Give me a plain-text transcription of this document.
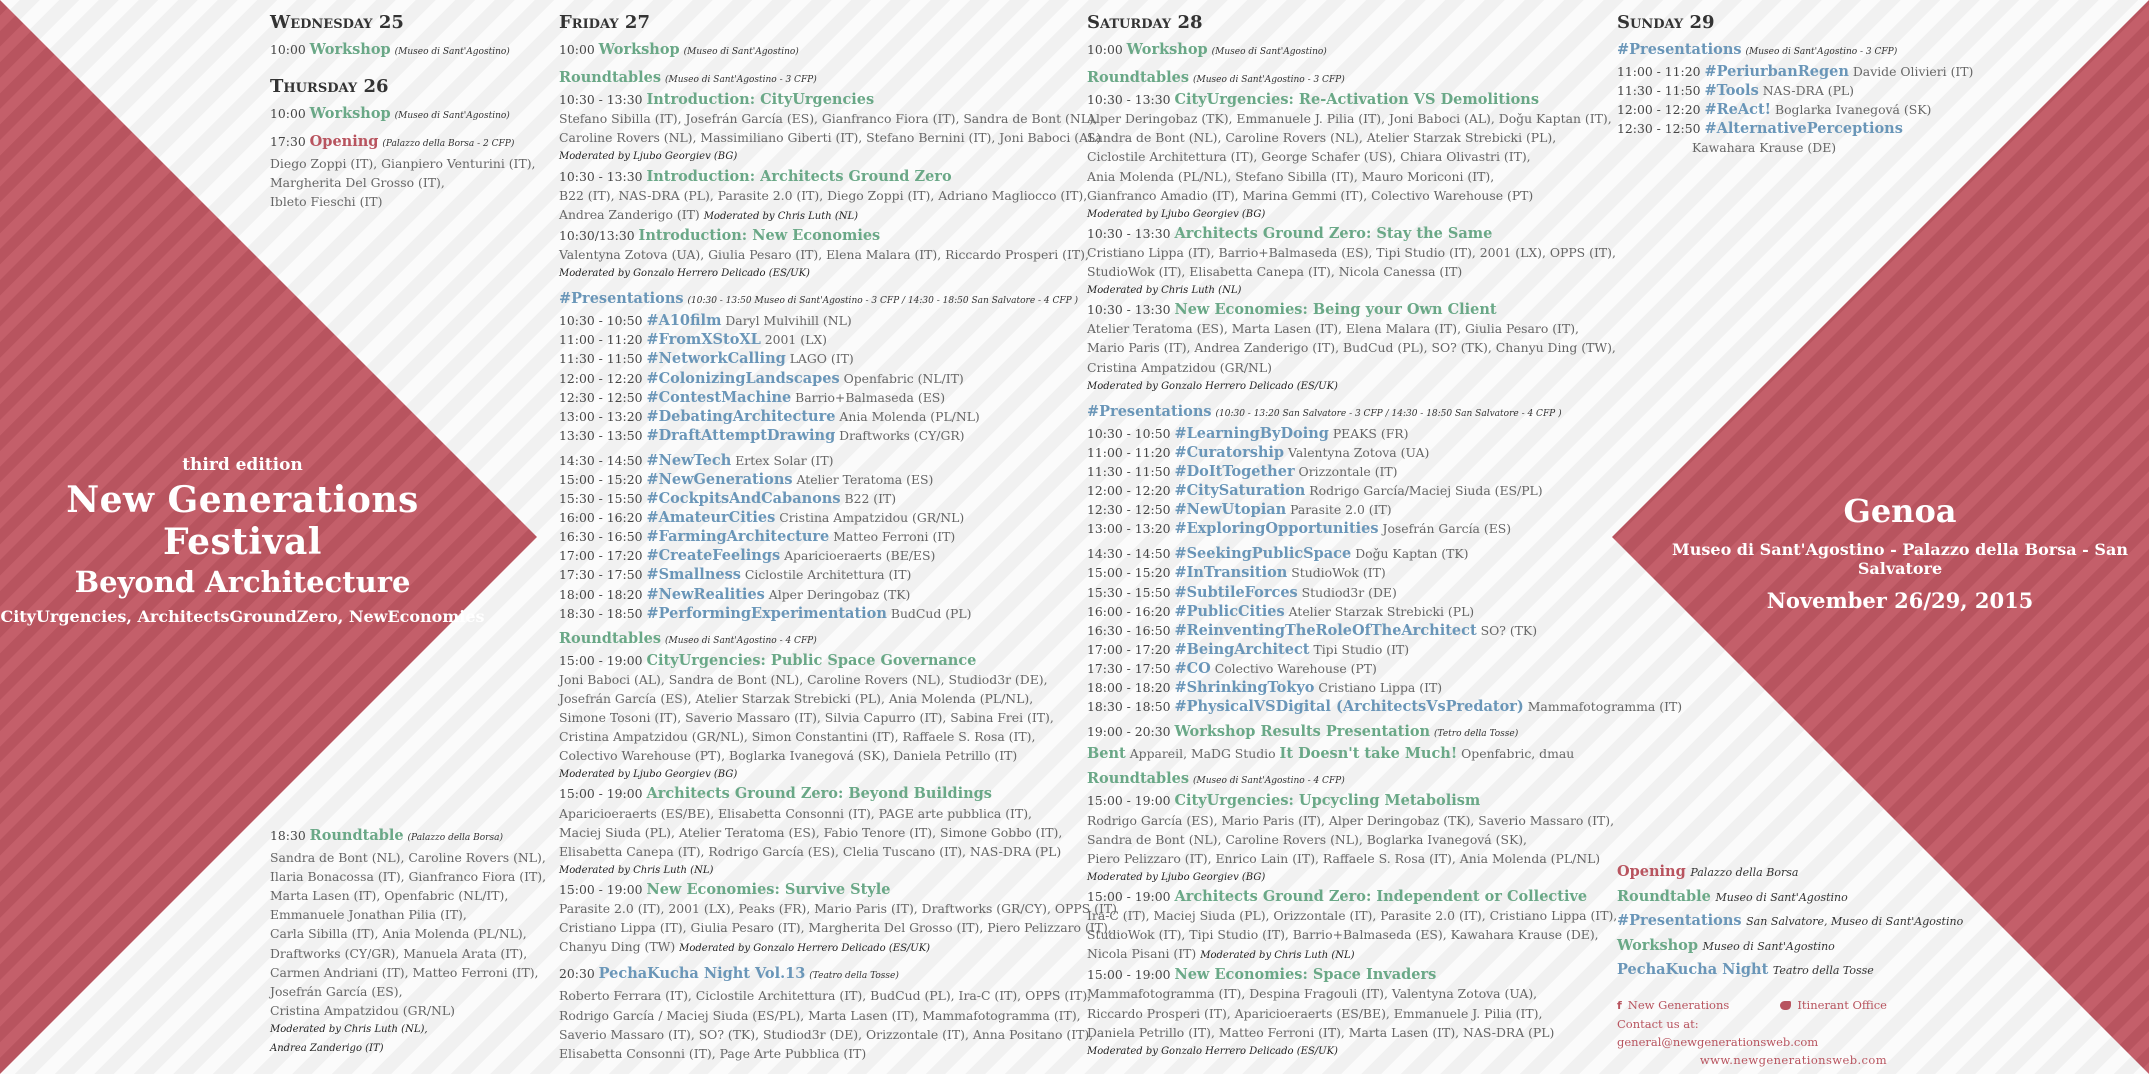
third edition
New Generations Festival
Beyond Architecture
CityUrgencies, ArchitectsGroundZero, NewEconomies
Genoa
Museo di Sant'Agostino - Palazzo della Borsa - San Salvatore
November 26/29, 2015
Wednesday 25
10:00 Workshop (Museo di Sant'Agostino)
Thursday 26
10:00 Workshop (Museo di Sant'Agostino)
17:30 Opening (Palazzo della Borsa - 2 CFP)
Diego Zoppi (IT), Gianpiero Venturini (IT),
Margherita Del Grosso (IT),
Ibleto Fieschi (IT)
18:30 Roundtable (Palazzo della Borsa)
Sandra de Bont (NL), Caroline Rovers (NL),
Ilaria Bonacossa (IT), Gianfranco Fiora (IT),
Marta Lasen (IT), Openfabric (NL/IT),
Emmanuele Jonathan Pilia (IT),
Carla Sibilla (IT), Ania Molenda (PL/NL),
Draftworks (CY/GR), Manuela Arata (IT),
Carmen Andriani (IT), Matteo Ferroni (IT),
Josefrán García (ES),
Cristina Ampatzidou (GR/NL)
Moderated by Chris Luth (NL),
Andrea Zanderigo (IT)
Friday 27
10:00 Workshop (Museo di Sant'Agostino)
Roundtables (Museo di Sant'Agostino - 3 CFP)
10:30 - 13:30 Introduction: CityUrgencies
Stefano Sibilla (IT), Josefrán García (ES), Gianfranco Fiora (IT), Sandra de Bont (NL),
Caroline Rovers (NL), Massimiliano Giberti (IT), Stefano Bernini (IT), Joni Baboci (AL)
Moderated by Ljubo Georgiev (BG)
10:30 - 13:30 Introduction: Architects Ground Zero
B22 (IT), NAS-DRA (PL), Parasite 2.0 (IT), Diego Zoppi (IT), Adriano Magliocco (IT),
Andrea Zanderigo (IT) Moderated by Chris Luth (NL)
10:30/13:30 Introduction: New Economies
Valentyna Zotova (UA), Giulia Pesaro (IT), Elena Malara (IT), Riccardo Prosperi (IT),
Moderated by Gonzalo Herrero Delicado (ES/UK)
#Presentations (10:30 - 13:50 Museo di Sant'Agostino - 3 CFP / 14:30 - 18:50 San Salvatore - 4 CFP )
10:30 - 10:50 #A10film Daryl Mulvihill (NL)
11:00 - 11:20 #FromXStoXL 2001 (LX)
11:30 - 11:50 #NetworkCalling LAGO (IT)
12:00 - 12:20 #ColonizingLandscapes Openfabric (NL/IT)
12:30 - 12:50 #ContestMachine Barrio+Balmaseda (ES)
13:00 - 13:20 #DebatingArchitecture Ania Molenda (PL/NL)
13:30 - 13:50 #DraftAttemptDrawing Draftworks (CY/GR)
14:30 - 14:50 #NewTech Ertex Solar (IT)
15:00 - 15:20 #NewGenerations Atelier Teratoma (ES)
15:30 - 15:50 #CockpitsAndCabanons B22 (IT)
16:00 - 16:20 #AmateurCities Cristina Ampatzidou (GR/NL)
16:30 - 16:50 #FarmingArchitecture Matteo Ferroni (IT)
17:00 - 17:20 #CreateFeelings Aparicioeraerts (BE/ES)
17:30 - 17:50 #Smallness Ciclostile Architettura (IT)
18:00 - 18:20 #NewRealities Alper Deringobaz (TK)
18:30 - 18:50 #PerformingExperimentation BudCud (PL)
Roundtables (Museo di Sant'Agostino - 4 CFP)
15:00 - 19:00 CityUrgencies: Public Space Governance
Joni Baboci (AL), Sandra de Bont (NL), Caroline Rovers (NL), Studiod3r (DE),
Josefrán García (ES), Atelier Starzak Strebicki (PL), Ania Molenda (PL/NL),
Simone Tosoni (IT), Saverio Massaro (IT), Silvia Capurro (IT), Sabina Frei (IT),
Cristina Ampatzidou (GR/NL), Simon Constantini (IT), Raffaele S. Rosa (IT),
Colectivo Warehouse (PT), Boglarka Ivanegová (SK), Daniela Petrillo (IT)
Moderated by Ljubo Georgiev (BG)
15:00 - 19:00 Architects Ground Zero: Beyond Buildings
Aparicioeraerts (ES/BE), Elisabetta Consonni (IT), PAGE arte pubblica (IT),
Maciej Siuda (PL), Atelier Teratoma (ES), Fabio Tenore (IT), Simone Gobbo (IT),
Elisabetta Canepa (IT), Rodrigo García (ES), Clelia Tuscano (IT), NAS-DRA (PL)
Moderated by Chris Luth (NL)
15:00 - 19:00 New Economies: Survive Style
Parasite 2.0 (IT), 2001 (LX), Peaks (FR), Mario Paris (IT), Draftworks (GR/CY), OPPS (IT)
Cristiano Lippa (IT), Giulia Pesaro (IT), Margherita Del Grosso (IT), Piero Pelizzaro (IT),
Chanyu Ding (TW) Moderated by Gonzalo Herrero Delicado (ES/UK)
20:30 PechaKucha Night Vol.13 (Teatro della Tosse)
Roberto Ferrara (IT), Ciclostile Architettura (IT), BudCud (PL), Ira-C (IT), OPPS (IT),
Rodrigo García / Maciej Siuda (ES/PL), Marta Lasen (IT), Mammafotogramma (IT),
Saverio Massaro (IT), SO? (TK), Studiod3r (DE), Orizzontale (IT), Anna Positano (IT),
Elisabetta Consonni (IT), Page Arte Pubblica (IT)
Saturday 28
10:00 Workshop (Museo di Sant'Agostino)
Roundtables (Museo di Sant'Agostino - 3 CFP)
10:30 - 13:30 CityUrgencies: Re-Activation VS Demolitions
Alper Deringobaz (TK), Emmanuele J. Pilia (IT), Joni Baboci (AL), Doǧu Kaptan (IT),
Sandra de Bont (NL), Caroline Rovers (NL), Atelier Starzak Strebicki (PL),
Ciclostile Architettura (IT), George Schafer (US), Chiara Olivastri (IT),
Ania Molenda (PL/NL), Stefano Sibilla (IT), Mauro Moriconi (IT),
Gianfranco Amadio (IT), Marina Gemmi (IT), Colectivo Warehouse (PT)
Moderated by Ljubo Georgiev (BG)
10:30 - 13:30 Architects Ground Zero: Stay the Same
Cristiano Lippa (IT), Barrio+Balmaseda (ES), Tipi Studio (IT), 2001 (LX), OPPS (IT),
StudioWok (IT), Elisabetta Canepa (IT), Nicola Canessa (IT)
Moderated by Chris Luth (NL)
10:30 - 13:30 New Economies: Being your Own Client
Atelier Teratoma (ES), Marta Lasen (IT), Elena Malara (IT), Giulia Pesaro (IT),
Mario Paris (IT), Andrea Zanderigo (IT), BudCud (PL), SO? (TK), Chanyu Ding (TW),
Cristina Ampatzidou (GR/NL)
Moderated by Gonzalo Herrero Delicado (ES/UK)
#Presentations (10:30 - 13:20 San Salvatore - 3 CFP / 14:30 - 18:50 San Salvatore - 4 CFP )
10:30 - 10:50 #LearningByDoing PEAKS (FR)
11:00 - 11:20 #Curatorship Valentyna Zotova (UA)
11:30 - 11:50 #DoItTogether Orizzontale (IT)
12:00 - 12:20 #CitySaturation Rodrigo García/Maciej Siuda (ES/PL)
12:30 - 12:50 #NewUtopian Parasite 2.0 (IT)
13:00 - 13:20 #ExploringOpportunities Josefrán García (ES)
14:30 - 14:50 #SeekingPublicSpace Doǧu Kaptan (TK)
15:00 - 15:20 #InTransition StudioWok (IT)
15:30 - 15:50 #SubtileForces Studiod3r (DE)
16:00 - 16:20 #PublicCities Atelier Starzak Strebicki (PL)
16:30 - 16:50 #ReinventingTheRoleOfTheArchitect SO? (TK)
17:00 - 17:20 #BeingArchitect Tipi Studio (IT)
17:30 - 17:50 #CO Colectivo Warehouse (PT)
18:00 - 18:20 #ShrinkingTokyo Cristiano Lippa (IT)
18:30 - 18:50 #PhysicalVSDigital (ArchitectsVsPredator) Mammafotogramma (IT)
19:00 - 20:30 Workshop Results Presentation (Tetro della Tosse)
Bent Appareil, MaDG Studio It Doesn't take Much! Openfabric, dmau
Roundtables (Museo di Sant'Agostino - 4 CFP)
15:00 - 19:00 CityUrgencies: Upcycling Metabolism
Rodrigo García (ES), Mario Paris (IT), Alper Deringobaz (TK), Saverio Massaro (IT),
Sandra de Bont (NL), Caroline Rovers (NL), Boglarka Ivanegová (SK),
Piero Pelizzaro (IT), Enrico Lain (IT), Raffaele S. Rosa (IT), Ania Molenda (PL/NL)
Moderated by Ljubo Georgiev (BG)
15:00 - 19:00 Architects Ground Zero: Independent or Collective
Ira-C (IT), Maciej Siuda (PL), Orizzontale (IT), Parasite 2.0 (IT), Cristiano Lippa (IT),
StudioWok (IT), Tipi Studio (IT), Barrio+Balmaseda (ES), Kawahara Krause (DE),
Nicola Pisani (IT) Moderated by Chris Luth (NL)
15:00 - 19:00 New Economies: Space Invaders
Mammafotogramma (IT), Despina Fragouli (IT), Valentyna Zotova (UA),
Riccardo Prosperi (IT), Aparicioeraerts (ES/BE), Emmanuele J. Pilia (IT),
Daniela Petrillo (IT), Matteo Ferroni (IT), Marta Lasen (IT), NAS-DRA (PL)
Moderated by Gonzalo Herrero Delicado (ES/UK)
Sunday 29
#Presentations (Museo di Sant'Agostino - 3 CFP)
11:00 - 11:20 #PeriurbanRegen Davide Olivieri (IT)
11:30 - 11:50 #Tools NAS-DRA (PL)
12:00 - 12:20 #ReAct! Boglarka Ivanegová (SK)
12:30 - 12:50 #AlternativePerceptions
Kawahara Krause (DE)
Opening Palazzo della Borsa
Roundtable Museo di Sant'Agostino
#Presentations San Salvatore, Museo di Sant'Agostino
Workshop Museo di Sant'Agostino
PechaKucha Night Teatro della Tosse
f New Generations	Itinerant Office
Contact us at: general@newgenerationsweb.com
www.newgenerationsweb.com
